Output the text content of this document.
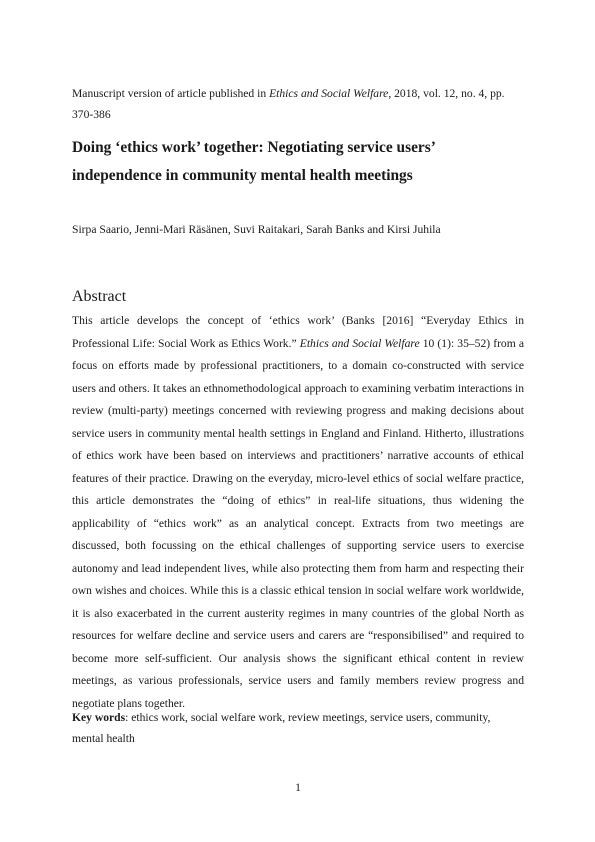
Manuscript version of article published in Ethics and Social Welfare, 2018, vol. 12, no. 4, pp. 370-386
Doing ‘ethics work’ together: Negotiating service users’
independence in community mental health meetings
Sirpa Saario, Jenni-Mari Räsänen, Suvi Raitakari, Sarah Banks and Kirsi Juhila
Abstract

This article develops the concept of ‘ethics work’ (Banks [2016] “Everyday Ethics in Professional Life: Social Work as Ethics Work.” Ethics and Social Welfare 10 (1): 35–52) from a focus on efforts made by professional practitioners, to a domain co-constructed with service users and others. It takes an ethnomethodological approach to examining verbatim interactions in review (multi-party) meetings concerned with reviewing progress and making decisions about service users in community mental health settings in England and Finland. Hitherto, illustrations of ethics work have been based on interviews and practitioners’ narrative accounts of ethical features of their practice. Drawing on the everyday, micro-level ethics of social welfare practice, this article demonstrates the “doing of ethics” in real-life situations, thus widening the applicability of “ethics work” as an analytical concept. Extracts from two meetings are discussed, both focussing on the ethical challenges of supporting service users to exercise autonomy and lead independent lives, while also protecting them from harm and respecting their own wishes and choices. While this is a classic ethical tension in social welfare work worldwide, it is also exacerbated in the current austerity regimes in many countries of the global North as resources for welfare decline and service users and carers are “responsibilised” and required to become more self-sufficient. Our analysis shows the significant ethical content in review meetings, as various professionals, service users and family members review progress and negotiate plans together.

Key words: ethics work, social welfare work, review meetings, service users, community, mental health
1
